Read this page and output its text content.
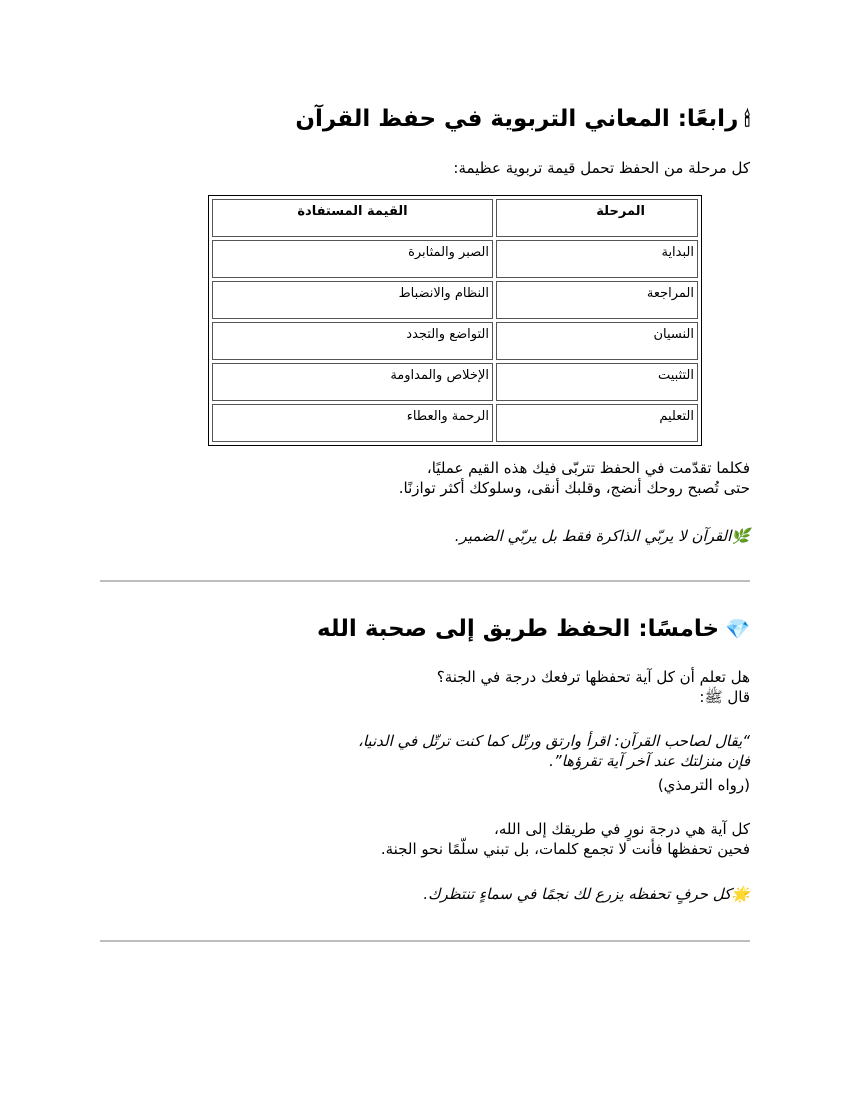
🕯
رابعًا: المعاني التربوية في حفظ القرآن

كل مرحلة من الحفظ تحمل قيمة تربوية عظيمة:

المرحلة	القيمة المستفادة
البداية	الصبر والمثابرة
المراجعة	النظام والانضباط
النسيان	التواضع والتجدد
التثبيت	الإخلاص والمداومة
التعليم	الرحمة والعطاء

فكلما تقدّمت في الحفظ تتربّى فيك هذه القيم عمليًا،

حتى تُصبح روحك أنضج، وقلبك أنقى، وسلوكك أكثر توازنًا.

🌿القرآن لا يربّي الذاكرة فقط بل يربّي الضمير.

💎
خامسًا: الحفظ طريق إلى صحبة الله

هل تعلم أن كل آية تحفظها ترفعك درجة في الجنة؟

قال ﷺ:

“يقال لصاحب القرآن: اقرأ وارتق ورتّل كما كنت ترتّل في الدنيا،

فإن منزلتك عند آخر آية تقرؤها”.

(رواه الترمذي)

كل آية هي درجة نورٍ في طريقك إلى الله،

فحين تحفظها فأنت لا تجمع كلمات، بل تبني سلّمًا نحو الجنة.

🌟كل حرفٍ تحفظه يزرع لك نجمًا في سماءٍ تنتظرك.
